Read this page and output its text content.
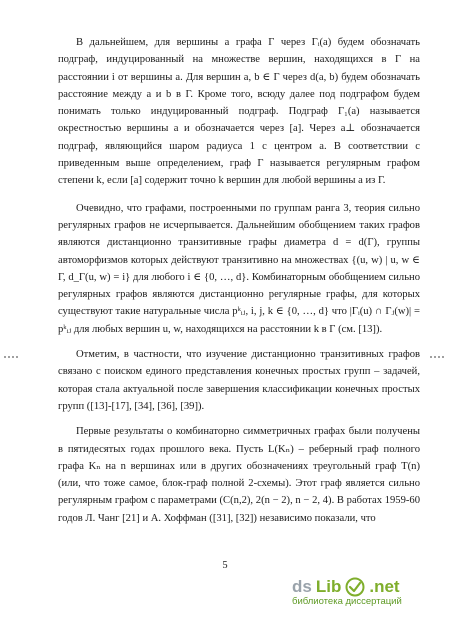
В дальнейшем, для вершины a графа Γ через Γᵢ(a) будем обозначать подграф, индуцированный на множестве вершин, находящихся в Γ на расстоянии i от вершины a. Для вершин a, b ∈ Γ через d(a, b) будем обозначать расстояние между a и b в Γ. Кроме того, всюду далее под подграфом будем понимать только индуцированный подграф. Подграф Γ₁(a) называется окрестностью вершины a и обозначается через [a]. Через a⊥ обозначается подграф, являющийся шаром радиуса 1 с центром a. В соответствии с приведенным выше определением, граф Γ называется регулярным графом степени k, если [a] содержит точно k вершин для любой вершины a из Γ.

Очевидно, что графами, построенными по группам ранга 3, теория сильно регулярных графов не исчерпывается. Дальнейшим обобщением таких графов являются дистанционно транзитивные графы диаметра d = d(Γ), группы автоморфизмов которых действуют транзитивно на множествах {(u, w) | u, w ∈ Γ, d_Γ(u, w) = i} для любого i ∈ {0, …, d}. Комбинаторным обобщением сильно регулярных графов являются дистанционно регулярные графы, для которых существуют такие натуральные числа pᵏᵢⱼ, i, j, k ∈ {0, …, d} что |Γᵢ(u) ∩ Γⱼ(w)| = pᵏᵢⱼ для любых вершин u, w, находящихся на расстоянии k в Γ (см. [13]).

Отметим, в частности, что изучение дистанционно транзитивных графов связано с поиском единого представления конечных простых групп – задачей, которая стала актуальной после завершения классификации конечных простых групп ([13]-[17], [34], [36], [39]).

Первые результаты о комбинаторно симметричных графах были получены в пятидесятых годах прошлого века. Пусть L(Kₙ) – реберный граф полного графа Kₙ на n вершинах или в других обозначениях треугольный граф T(n) (или, что тоже самое, блок-граф полной 2-схемы). Этот граф является сильно регулярным графом с параметрами (C(n,2), 2(n − 2), n − 2, 4). В работах 1959-60 годов Л. Чанг [21] и А. Хоффман ([31], [32]) независимо показали, что

5
ds Lib .net
библиотека диссертаций
